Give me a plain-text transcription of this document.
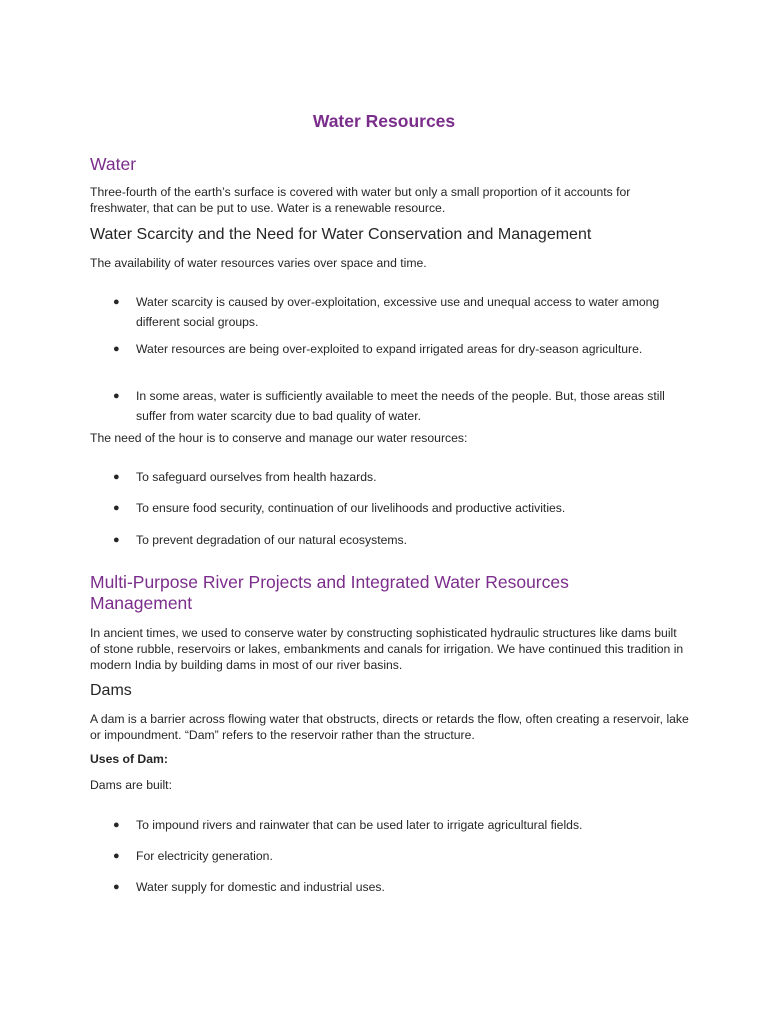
Water Resources
Water

Three-fourth of the earth’s surface is covered with water but only a small proportion of it accounts for freshwater, that can be put to use. Water is a renewable resource.

Water Scarcity and the Need for Water Conservation and Management

The availability of water resources varies over space and time.

● Water scarcity is caused by over-exploitation, excessive use and unequal access to water among different social groups.

● Water resources are being over-exploited to expand irrigated areas for dry-season agriculture.

● In some areas, water is sufficiently available to meet the needs of the people. But, those areas still suffer from water scarcity due to bad quality of water.

The need of the hour is to conserve and manage our water resources:

● To safeguard ourselves from health hazards.

● To ensure food security, continuation of our livelihoods and productive activities.

● To prevent degradation of our natural ecosystems.

Multi-Purpose River Projects and Integrated Water Resources
Management

In ancient times, we used to conserve water by constructing sophisticated hydraulic structures like dams built of stone rubble, reservoirs or lakes, embankments and canals for irrigation. We have continued this tradition in modern India by building dams in most of our river basins.

Dams

A dam is a barrier across flowing water that obstructs, directs or retards the flow, often creating a reservoir, lake or impoundment. “Dam” refers to the reservoir rather than the structure.

Uses of Dam:

Dams are built:

● To impound rivers and rainwater that can be used later to irrigate agricultural fields.

● For electricity generation.

● Water supply for domestic and industrial uses.
